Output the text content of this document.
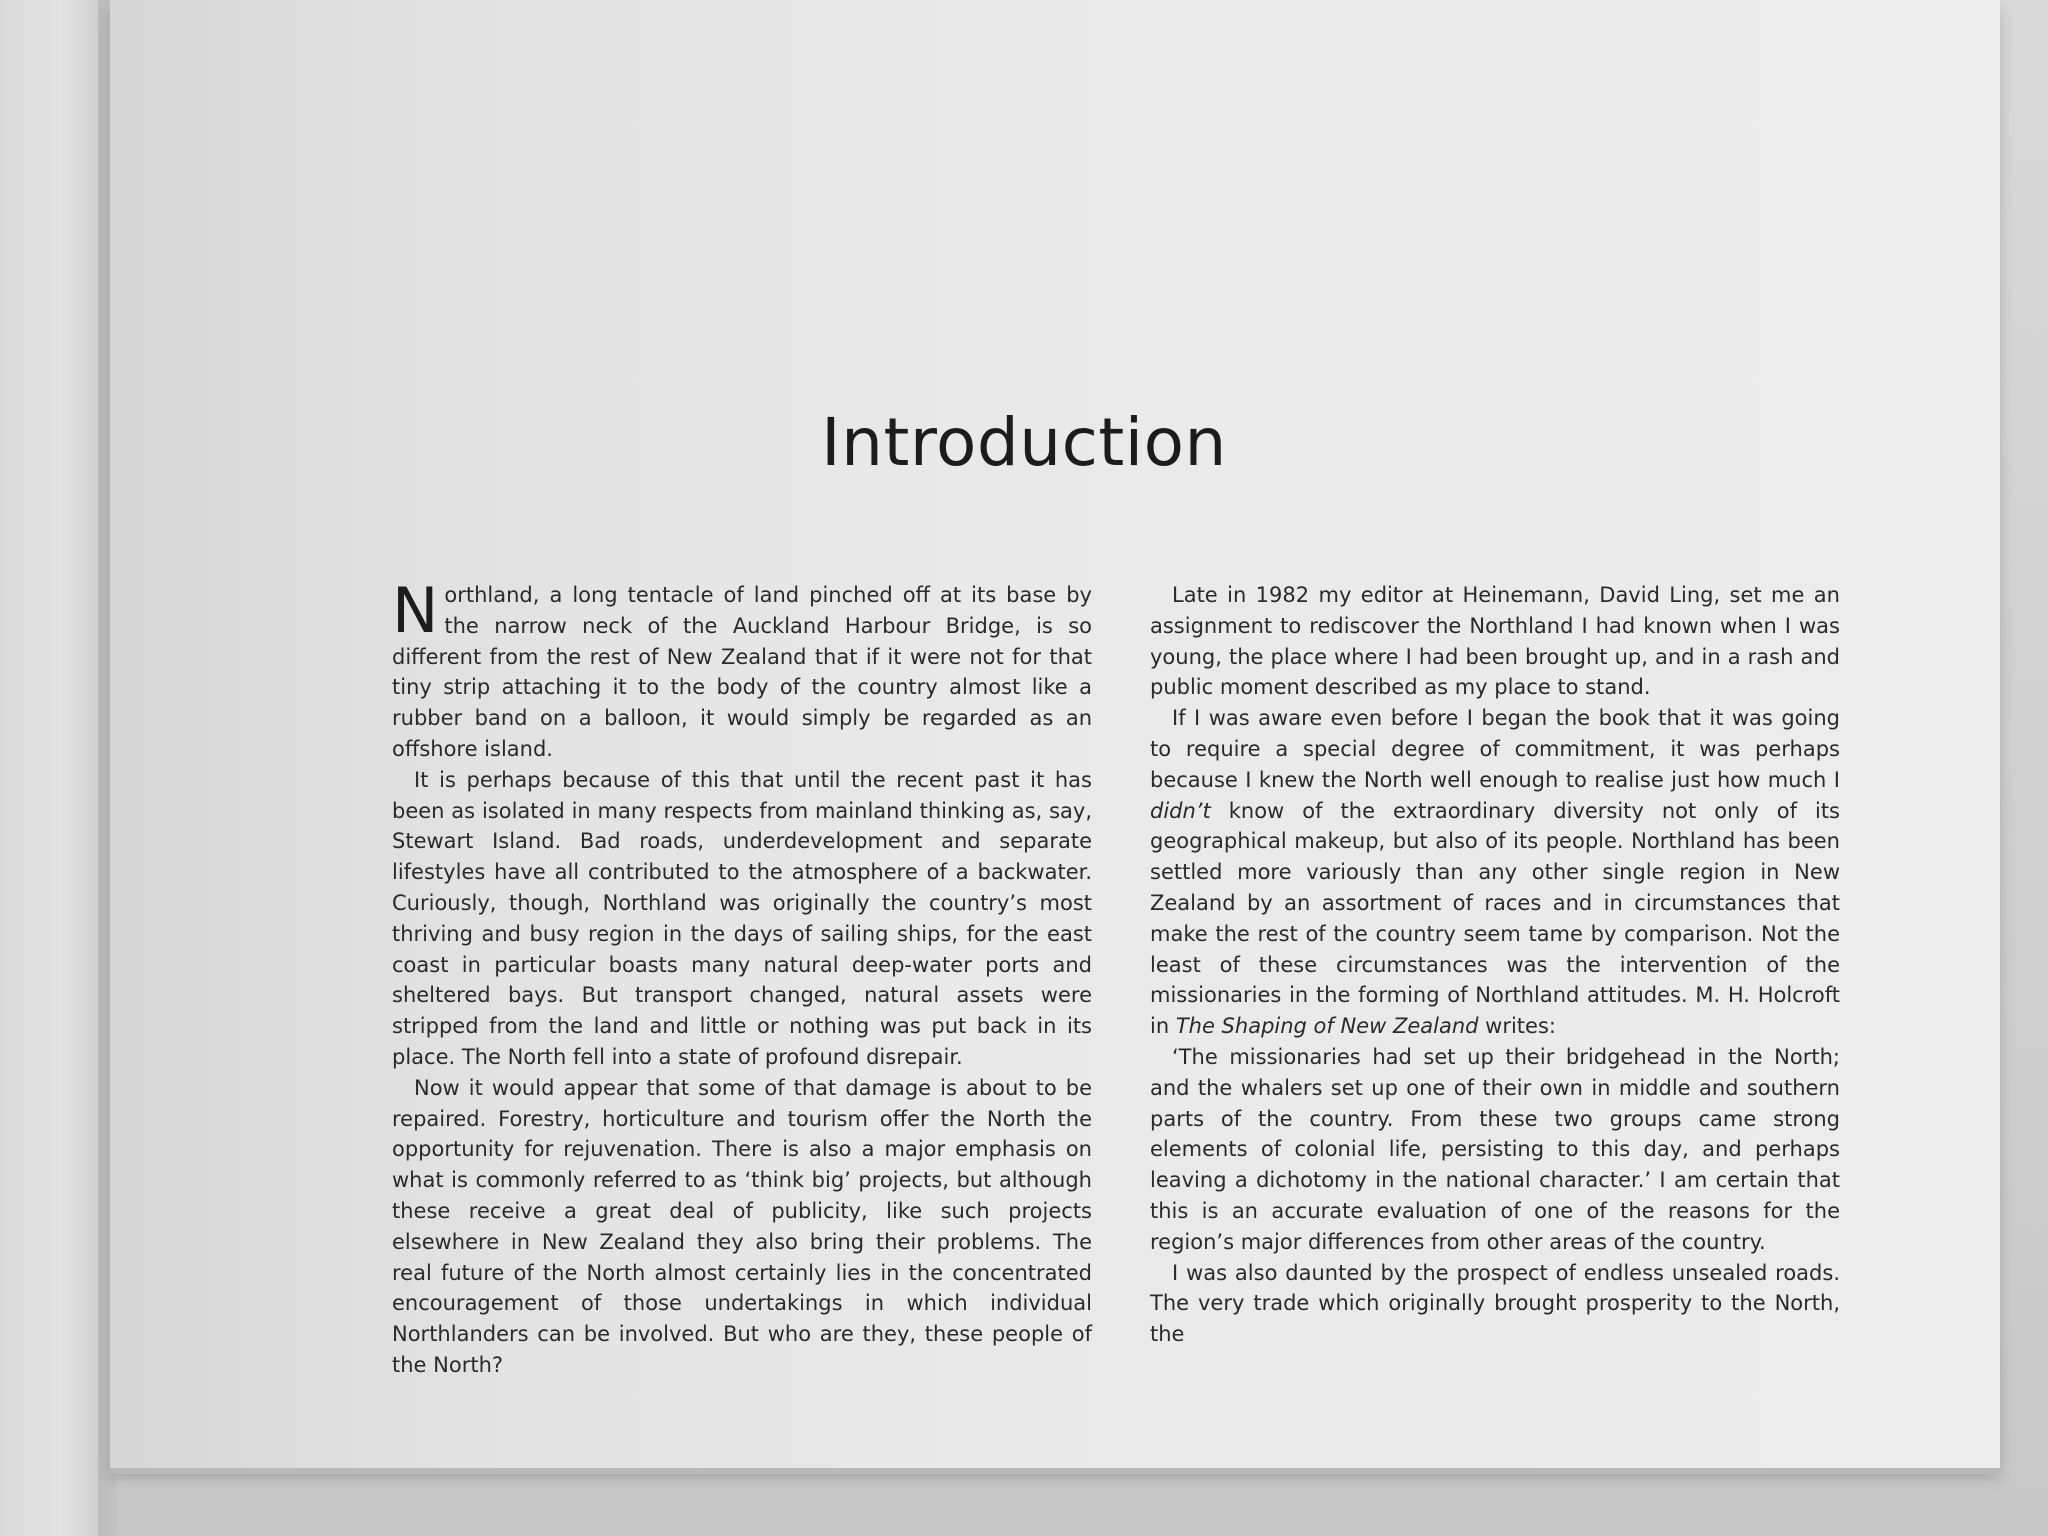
Introduction

Northland, a long tentacle of land pinched off at its base by the narrow neck of the Auckland Harbour Bridge, is so different from the rest of New Zealand that if it were not for that tiny strip attaching it to the body of the country almost like a rubber band on a balloon, it would simply be regarded as an offshore island.

It is perhaps because of this that until the recent past it has been as isolated in many respects from mainland thinking as, say, Stewart Island. Bad roads, underdevelopment and separate lifestyles have all contributed to the atmosphere of a backwater. Curiously, though, Northland was originally the country’s most thriving and busy region in the days of sailing ships, for the east coast in particular boasts many natural deep-water ports and sheltered bays. But transport changed, natural assets were stripped from the land and little or nothing was put back in its place. The North fell into a state of profound disrepair.

Now it would appear that some of that damage is about to be repaired. Forestry, horticulture and tourism offer the North the opportunity for rejuvenation. There is also a major emphasis on what is commonly referred to as ‘think big’ projects, but although these receive a great deal of publicity, like such projects elsewhere in New Zealand they also bring their problems. The real future of the North almost certainly lies in the concentrated encouragement of those undertakings in which individual Northlanders can be involved. But who are they, these people of the North?

Late in 1982 my editor at Heinemann, David Ling, set me an assignment to rediscover the Northland I had known when I was young, the place where I had been brought up, and in a rash and public moment described as my place to stand.

If I was aware even before I began the book that it was going to require a special degree of commitment, it was perhaps because I knew the North well enough to realise just how much I didn’t know of the extraordinary diversity not only of its geographical makeup, but also of its people. Northland has been settled more variously than any other single region in New Zealand by an assortment of races and in circumstances that make the rest of the country seem tame by comparison. Not the least of these circumstances was the intervention of the missionaries in the forming of Northland attitudes. M. H. Holcroft in The Shaping of New Zealand writes:

‘The missionaries had set up their bridgehead in the North; and the whalers set up one of their own in middle and southern parts of the country. From these two groups came strong elements of colonial life, persisting to this day, and perhaps leaving a dichotomy in the national character.’ I am certain that this is an accurate evaluation of one of the reasons for the region’s major differences from other areas of the country.

I was also daunted by the prospect of endless unsealed roads. The very trade which originally brought prosperity to the North, the
